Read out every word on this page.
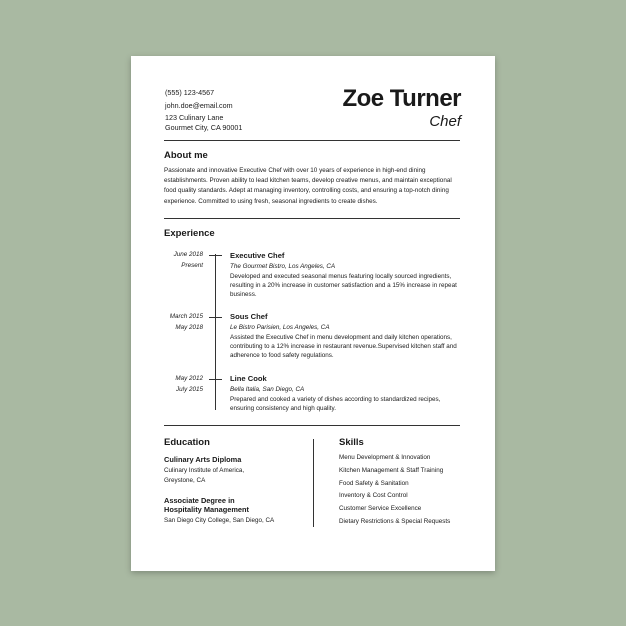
(555) 123-4567
john.doe@email.com
123 Culinary Lane
Gourmet City, CA 90001
Zoe Turner
Chef
About me
Passionate and innovative Executive Chef with over 10 years of experience in high-end dining establishments. Proven ability to lead kitchen teams, develop creative menus, and maintain exceptional food quality standards. Adept at managing inventory, controlling costs, and ensuring a top-notch dining experience. Committed to using fresh, seasonal ingredients to create dishes.
Experience
June 2018
Present
Executive Chef
The Gourmet Bistro, Los Angeles, CA
Developed and executed seasonal menus featuring locally sourced ingredients, resulting in a 20% increase in customer satisfaction and a 15% increase in repeat business.
March 2015
May 2018
Sous Chef
Le Bistro Parisien, Los Angeles, CA
Assisted the Executive Chef in menu development and daily kitchen operations, contributing to a 12% increase in restaurant revenue.Supervised kitchen staff and adherence to food safety regulations.
May 2012
July 2015
Line Cook
Bella Italia, San Diego, CA
Prepared and cooked a variety of dishes according to standardized recipes, ensuring consistency and high quality.
Education
Culinary Arts Diploma
Culinary Institute of America,
Greystone, CA
Associate Degree in
Hospitality Management
San Diego City College, San Diego, CA
Skills
Menu Development & Innovation
Kitchen Management & Staff Training
Food Safety & Sanitation
Inventory & Cost Control
Customer Service Excellence
Dietary Restrictions & Special Requests
